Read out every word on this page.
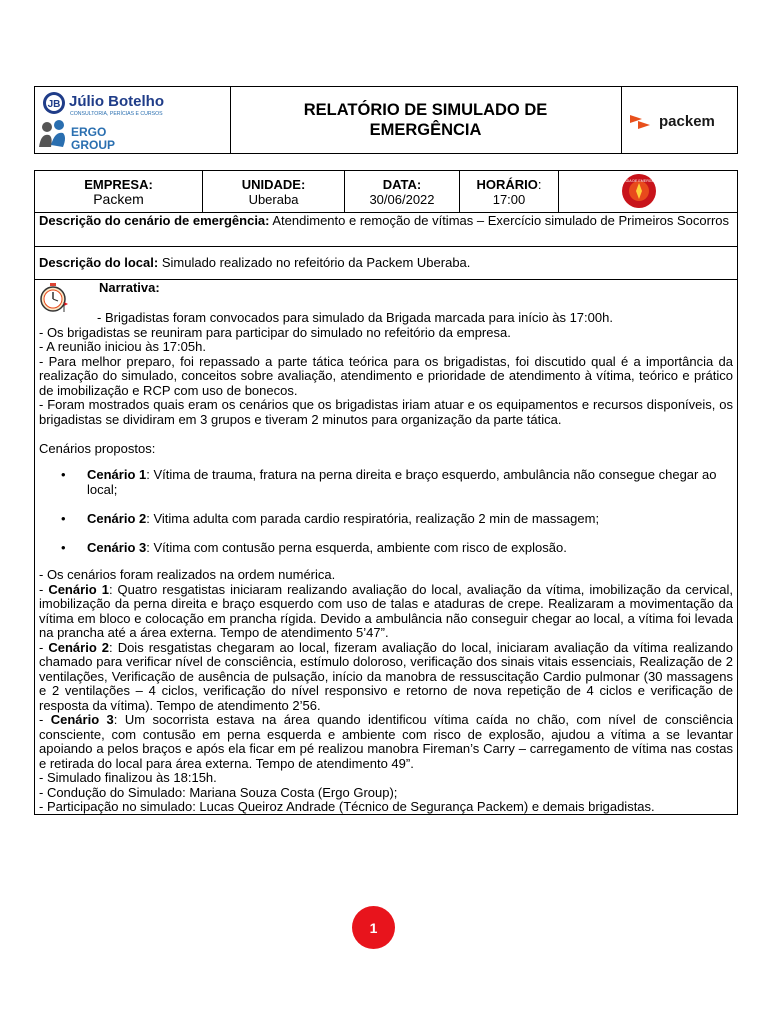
JB Júlio Botelho
CONSULTORIA, PERÍCIAS E CURSOS
ERGO
GROUP
RELATÓRIO DE SIMULADO DE
EMERGÊNCIA	packem
EMPRESA:
Packem
UNIDADE:
Uberaba
DATA:
30/06/2022
HORÁRIO:
17:00
BRIGADA DE EMERGÊNCIA
Descrição do cenário de emergência: Atendimento e remoção de vítimas – Exercício simulado de Primeiros Socorros
Descrição do local: Simulado realizado no refeitório da Packem Uberaba.
Narrativa:

- Brigadistas foram convocados para simulado da Brigada marcada para início às 17:00h.

- Os brigadistas se reuniram para participar do simulado no refeitório da empresa.

- A reunião iniciou às 17:05h.

- Para melhor preparo, foi repassado a parte tática teórica para os brigadistas, foi discutido qual é a importância da realização do simulado, conceitos sobre avaliação, atendimento e prioridade de atendimento à vítima, teórico e prático de imobilização e RCP com uso de bonecos.

- Foram mostrados quais eram os cenários que os brigadistas iriam atuar e os equipamentos e recursos disponíveis, os brigadistas se dividiram em 3 grupos e tiveram 2 minutos para organização da parte tática.

Cenários propostos:

• Cenário 1: Vítima de trauma, fratura na perna direita e braço esquerdo, ambulância não consegue chegar ao local;
• Cenário 2: Vitima adulta com parada cardio respiratória, realização 2 min de massagem;
• Cenário 3: Vítima com contusão perna esquerda, ambiente com risco de explosão.

- Os cenários foram realizados na ordem numérica.

- Cenário 1: Quatro resgatistas iniciaram realizando avaliação do local, avaliação da vítima, imobilização da cervical, imobilização da perna direita e braço esquerdo com uso de talas e ataduras de crepe. Realizaram a movimentação da vítima em bloco e colocação em prancha rígida. Devido a ambulância não conseguir chegar ao local, a vítima foi levada na prancha até a área externa. Tempo de atendimento 5’47”.

- Cenário 2: Dois resgatistas chegaram ao local, fizeram avaliação do local, iniciaram avaliação da vítima realizando chamado para verificar nível de consciência, estímulo doloroso, verificação dos sinais vitais essenciais, Realização de 2 ventilações, Verificação de ausência de pulsação, início da manobra de ressuscitação Cardio pulmonar (30 massagens e 2 ventilações – 4 ciclos, verificação do nível responsivo e retorno de nova repetição de 4 ciclos e verificação de resposta da vítima). Tempo de atendimento 2’56.

- Cenário 3: Um socorrista estava na área quando identificou vítima caída no chão, com nível de consciência consciente, com contusão em perna esquerda e ambiente com risco de explosão, ajudou a vítima a se levantar apoiando a pelos braços e após ela ficar em pé realizou manobra Fireman’s Carry – carregamento de vítima nas costas e retirada do local para área externa. Tempo de atendimento 49”.

- Simulado finalizou às 18:15h.

- Condução do Simulado: Mariana Souza Costa (Ergo Group);

- Participação no simulado: Lucas Queiroz Andrade (Técnico de Segurança Packem) e demais brigadistas.

1
